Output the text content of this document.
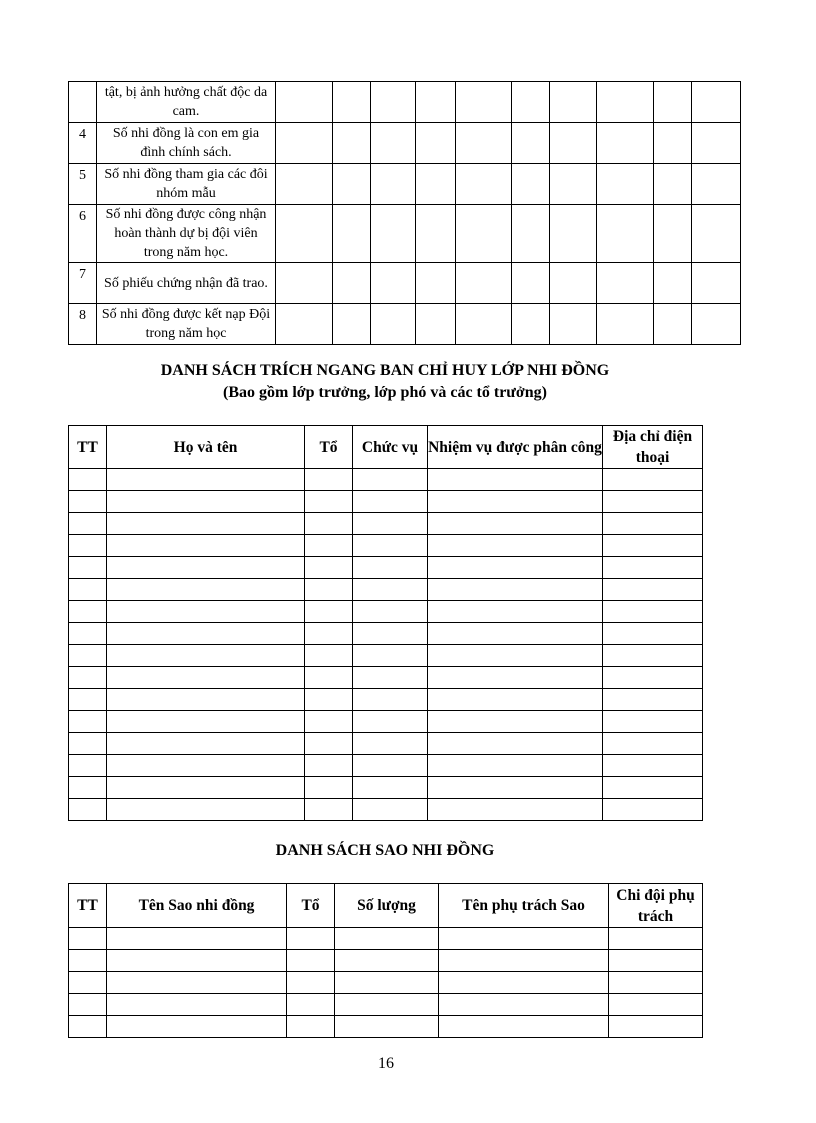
	tật, bị ảnh hưởng chất độc da cam.										
4	Số nhi đồng là con em gia đình chính sách.										
5	Số nhi đồng tham gia các đôi nhóm mẫu										
6	Số nhi đồng được công nhận hoàn thành dự bị đội viên trong năm học.										
7	Số phiếu chứng nhận đã trao.										
8	Số nhi đồng được kết nạp Đội trong năm học										
DANH SÁCH TRÍCH NGANG BAN CHỈ HUY LỚP NHI ĐỒNG
(Bao gồm lớp trưởng, lớp phó và các tổ trưởng)
TT	Họ và tên	Tổ	Chức vụ	Nhiệm vụ được phân công	Địa chỉ điện thoại

DANH SÁCH SAO NHI ĐỒNG
TT	Tên Sao nhi đồng	Tổ	Số lượng	Tên phụ trách Sao	Chi đội phụ trách

16
